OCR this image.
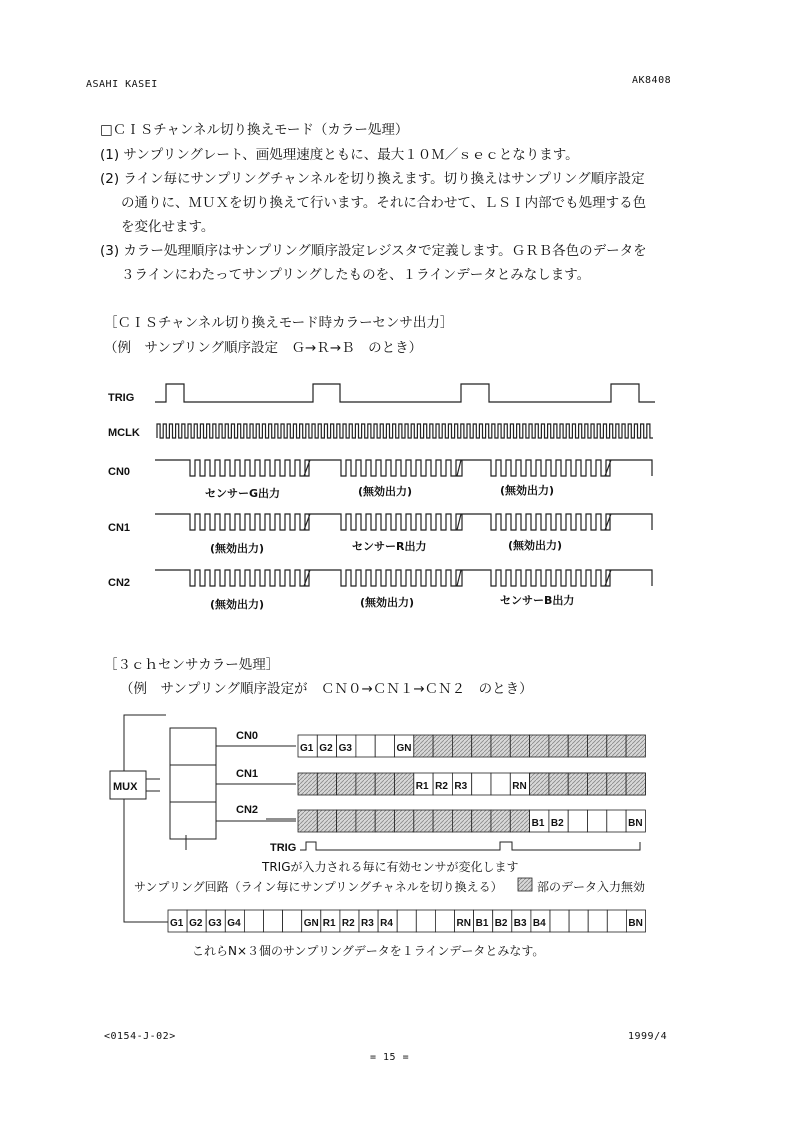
ASAHI KASEI	AK8408
□ＣＩＳチャンネル切り換えモード（カラー処理）
(1) サンプリングレート、画処理速度ともに、最大１０Ｍ／ｓｅｃとなります。
(2) ライン毎にサンプリングチャンネルを切り換えます。切り換えはサンプリング順序設定
の通りに、ＭＵＸを切り換えて行います。それに合わせて、ＬＳＩ内部でも処理する色
を変化せます。
(3) カラー処理順序はサンプリング順序設定レジスタで定義します。ＧＲＢ各色のデータを
３ラインにわたってサンプリングしたものを、１ラインデータとみなします。
［ＣＩＳチャンネル切り換えモード時カラーセンサ出力］
（例　サンプリング順序設定　Ｇ→Ｒ→Ｂ　のとき）
TRIG
MCLK
CN0
CN1
CN2
センサーG出力	(無効出力)	(無効出力)
(無効出力)	センサーR出力	(無効出力)
(無効出力)	(無効出力)	センサーB出力
［３ｃｈセンサカラー処理］
（例　サンプリング順序設定が　ＣＮ０→ＣＮ１→ＣＮ２　のとき）
G1 G2 G3	GN
R1 R2 R3	RN
B1 B2	BN
G1 G2 G3 G4	GN R1 R2 R3 R4	RN B1 B2 B3 B4	BN
MUX
CN0
CN1
CN2
TRIG
TRIGが入力される毎に有効センサが変化します
サンプリング回路（ライン毎にサンプリングチャネルを切り換える）	部のデータ入力無効
これらN×３個のサンプリングデータを１ラインデータとみなす。
<0154-J-02>	1999/4
= 15 =
